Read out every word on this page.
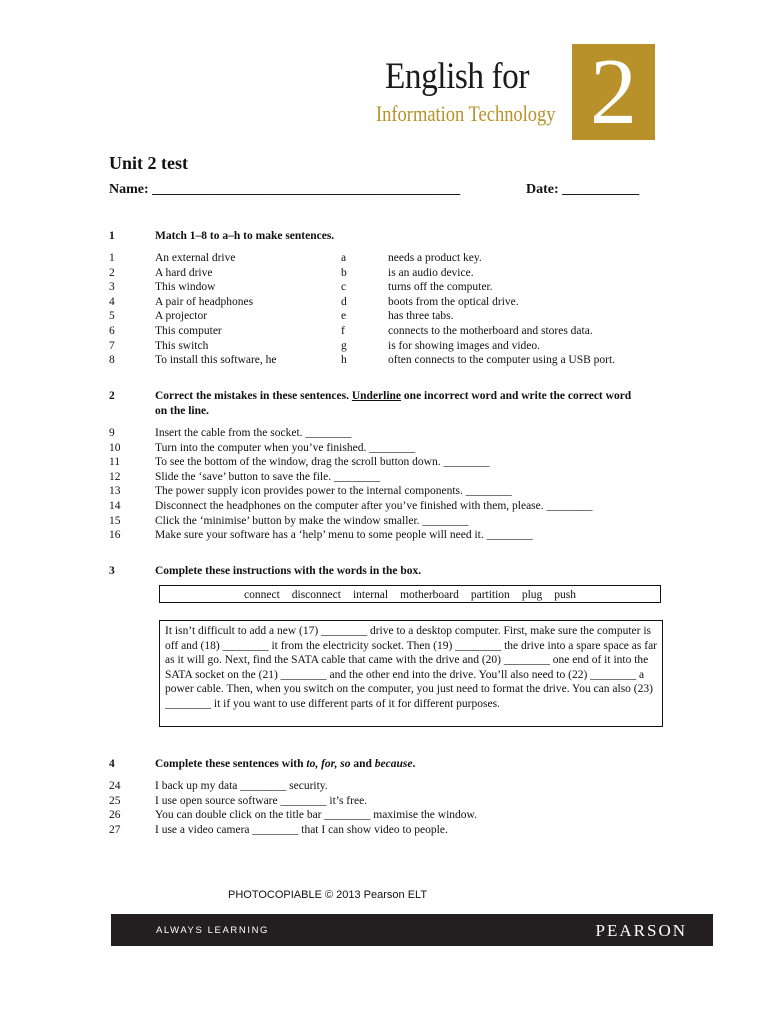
English for
Information Technology 2
Unit 2 test
Name: ____________________________________________	Date: ___________
1	Match 1–8 to a–h to make sentences.
1	An external drive	a	needs a product key.
2	A hard drive	b	is an audio device.
3	This window	c	turns off the computer.
4	A pair of headphones	d	boots from the optical drive.
5	A projector	e	has three tabs.
6	This computer	f	connects to the motherboard and stores data.
7	This switch	g	is for showing images and video.
8	To install this software, he	h	often connects to the computer using a USB port.
2	Correct the mistakes in these sentences. Underline one incorrect word and write the correct word on the line.
9	Insert the cable from the socket. ________
10	Turn into the computer when you’ve finished. ________
11	To see the bottom of the window, drag the scroll button down. ________
12	Slide the ‘save’ button to save the file. ________
13	The power supply icon provides power to the internal components. ________
14	Disconnect the headphones on the computer after you’ve finished with them, please. ________
15	Click the ‘minimise’ button by make the window smaller. ________
16	Make sure your software has a ‘help’ menu to some people will need it. ________
3	Complete these instructions with the words in the box.
connect disconnect internal motherboard partition plug push
It isn’t difficult to add a new (17) ________ drive to a desktop computer. First, make sure the computer is off and (18) ________ it from the electricity socket. Then (19) ________ the drive into a spare space as far as it will go. Next, find the SATA cable that came with the drive and (20) ________ one end of it into the SATA socket on the (21) ________ and the other end into the drive. You’ll also need to (22) ________ a power cable. Then, when you switch on the computer, you just need to format the drive. You can also (23) ________ it if you want to use different parts of it for different purposes.
4	Complete these sentences with to, for, so and because.
24	I back up my data ________ security.
25	I use open source software ________ it’s free.
26	You can double click on the title bar ________ maximise the window.
27	I use a video camera ________ that I can show video to people.
PHOTOCOPIABLE © 2013 Pearson ELT
ALWAYS LEARNING	PEARSON
